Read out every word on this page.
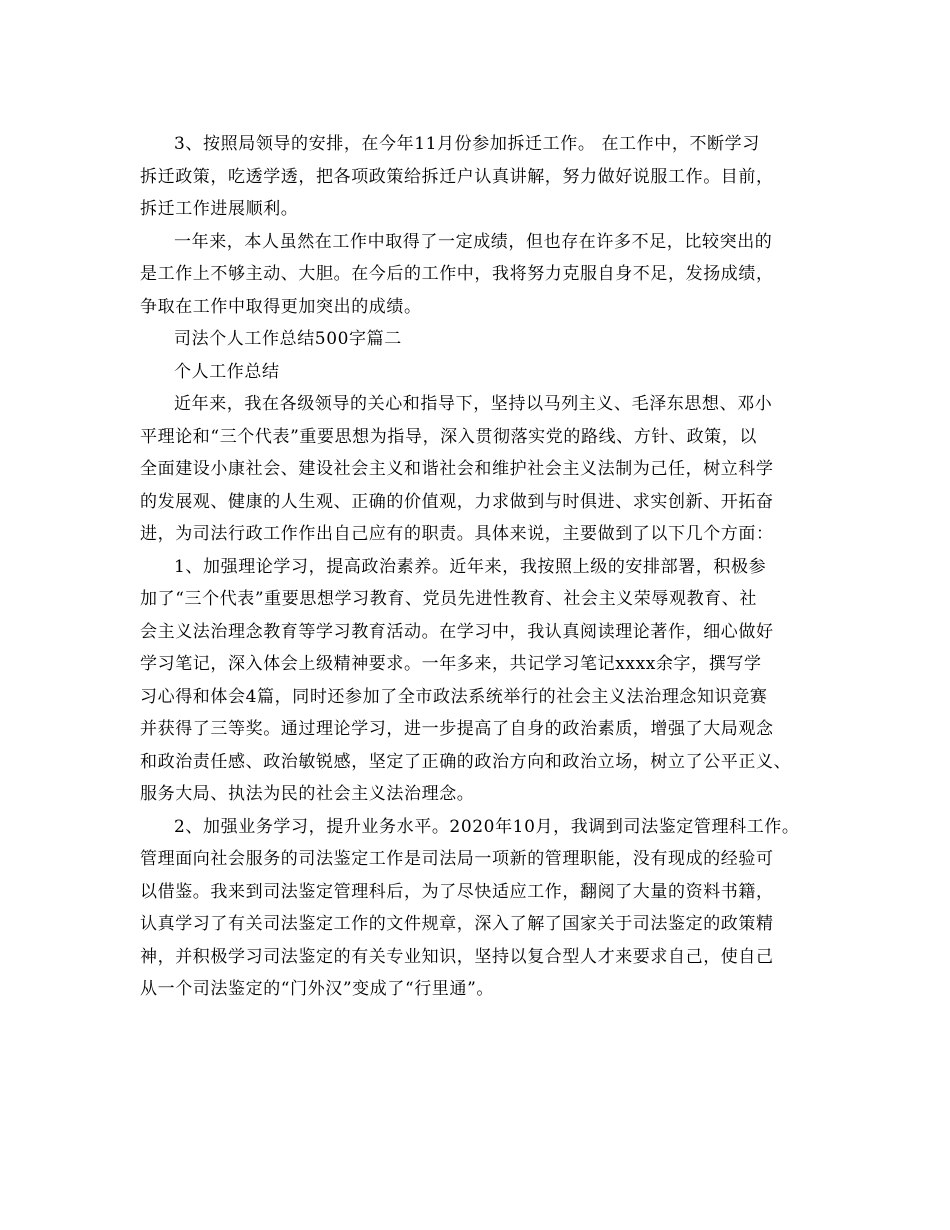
3、按照局领导的安排，在今年11月份参加拆迁工作。 在工作中，不断学习
拆迁政策，吃透学透，把各项政策给拆迁户认真讲解，努力做好说服工作。目前，
拆迁工作进展顺利。
一年来，本人虽然在工作中取得了一定成绩，但也存在许多不足，比较突出的
是工作上不够主动、大胆。在今后的工作中，我将努力克服自身不足，发扬成绩，
争取在工作中取得更加突出的成绩。
司法个人工作总结500字篇二
个人工作总结
近年来，我在各级领导的关心和指导下，坚持以马列主义、毛泽东思想、邓小
平理论和“三个代表”重要思想为指导，深入贯彻落实党的路线、方针、政策，以
全面建设小康社会、建设社会主义和谐社会和维护社会主义法制为己任，树立科学
的发展观、健康的人生观、正确的价值观，力求做到与时俱进、求实创新、开拓奋
进，为司法行政工作作出自己应有的职责。具体来说，主要做到了以下几个方面：
1、加强理论学习，提高政治素养。近年来，我按照上级的安排部署，积极参
加了“三个代表”重要思想学习教育、党员先进性教育、社会主义荣辱观教育、社
会主义法治理念教育等学习教育活动。在学习中，我认真阅读理论著作，细心做好
学习笔记，深入体会上级精神要求。一年多来，共记学习笔记xxxx余字，撰写学
习心得和体会4篇，同时还参加了全市政法系统举行的社会主义法治理念知识竞赛
并获得了三等奖。通过理论学习，进一步提高了自身的政治素质，增强了大局观念
和政治责任感、政治敏锐感，坚定了正确的政治方向和政治立场，树立了公平正义、
服务大局、执法为民的社会主义法治理念。
2、加强业务学习，提升业务水平。2020年10月，我调到司法鉴定管理科工作。
管理面向社会服务的司法鉴定工作是司法局一项新的管理职能，没有现成的经验可
以借鉴。我来到司法鉴定管理科后，为了尽快适应工作，翻阅了大量的资料书籍，
认真学习了有关司法鉴定工作的文件规章，深入了解了国家关于司法鉴定的政策精
神，并积极学习司法鉴定的有关专业知识，坚持以复合型人才来要求自己，使自己
从一个司法鉴定的“门外汉”变成了“行里通”。
